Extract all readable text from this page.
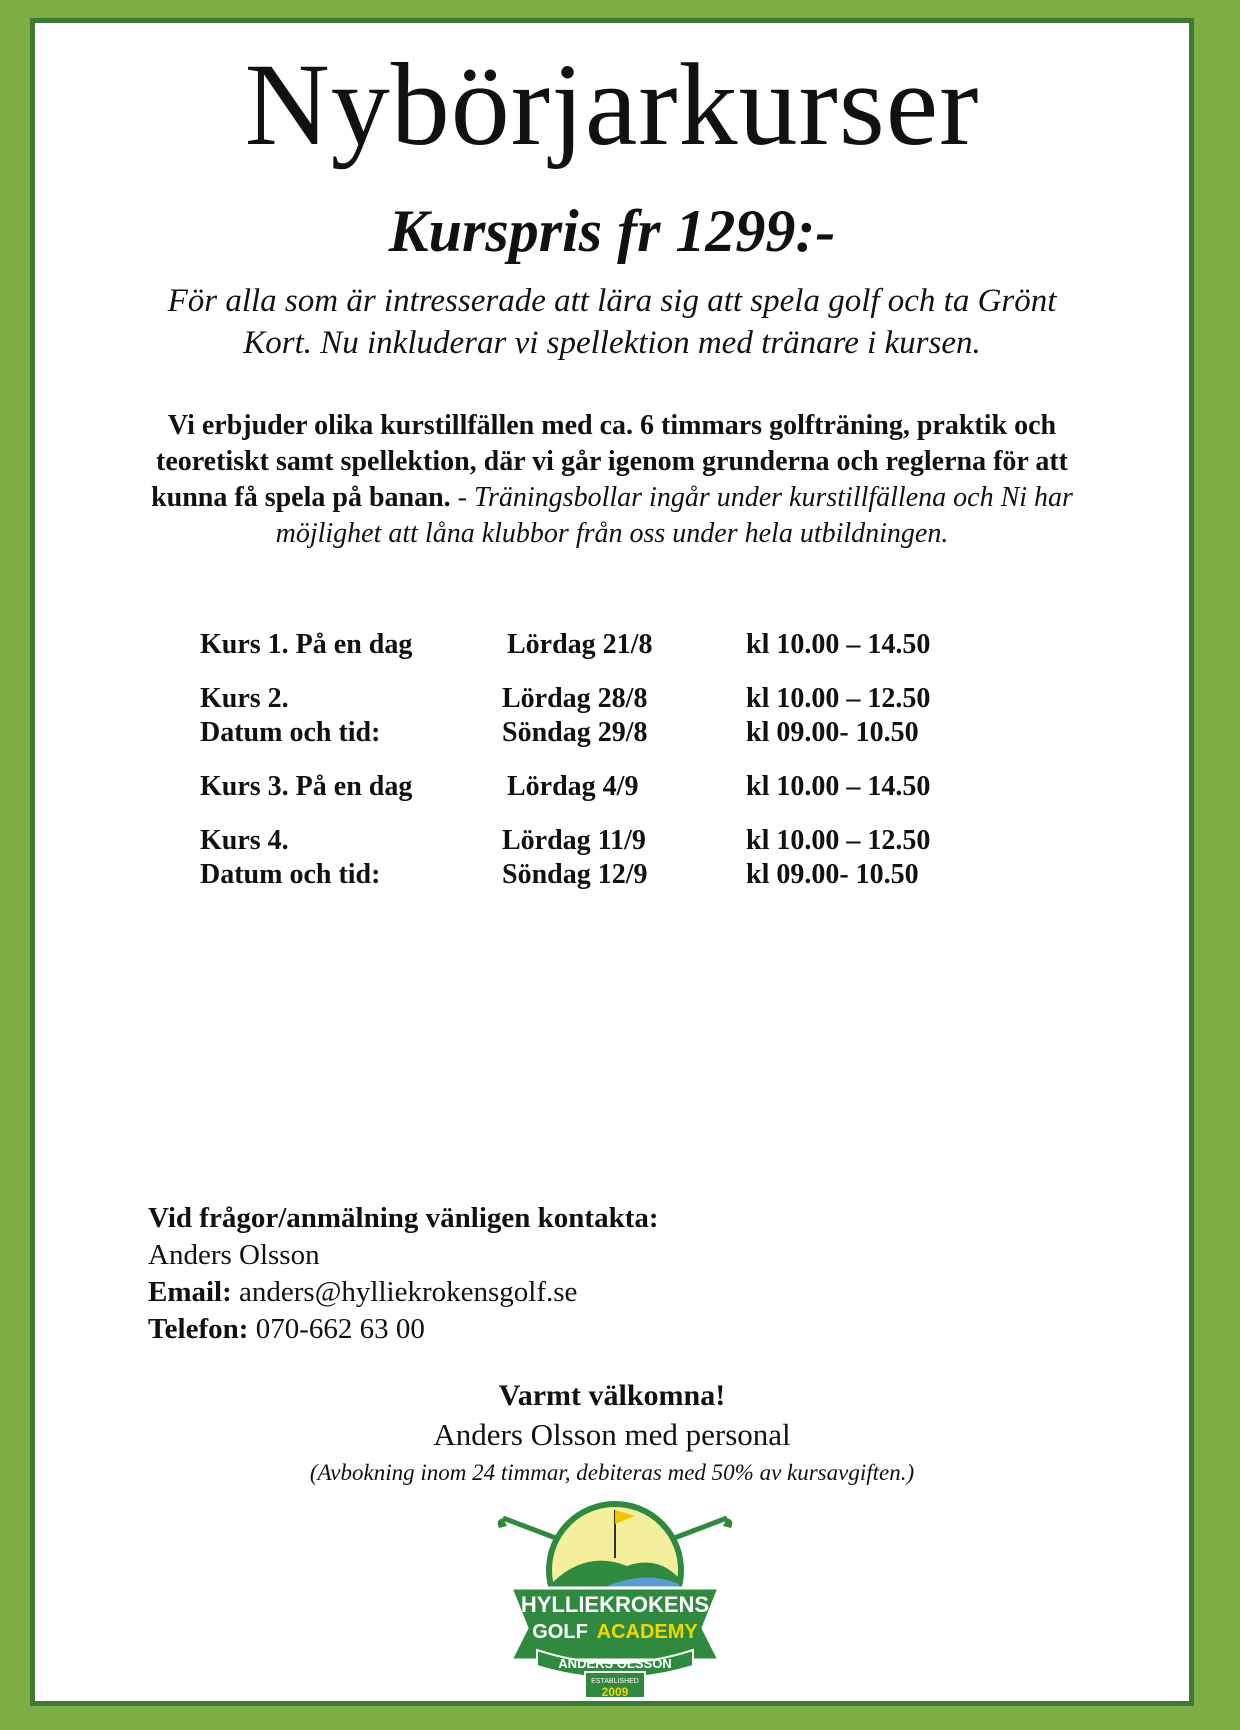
Nybörjarkurser
Kurspris fr 1299:-
För alla som är intresserade att lära sig att spela golf och ta Grönt Kort. Nu inkluderar vi spellektion med tränare i kursen.
Vi erbjuder olika kurstillfällen med ca. 6 timmars golfträning, praktik och teoretiskt samt spellektion, där vi går igenom grunderna och reglerna för att kunna få spela på banan. - Träningsbollar ingår under kurstillfällena och Ni har möjlighet att låna klubbor från oss under hela utbildningen.
Kurs 1. På en dag	Lördag 21/8	kl 10.00 – 14.50
Kurs 2.	Lördag 28/8	kl 10.00 – 12.50
Datum och tid:	Söndag 29/8	kl 09.00- 10.50
Kurs 3. På en dag	Lördag 4/9	kl 10.00 – 14.50
Kurs 4.	Lördag 11/9	kl 10.00 – 12.50
Datum och tid:	Söndag 12/9	kl 09.00- 10.50
Vid frågor/anmälning vänligen kontakta:
Anders Olsson
Email: anders@hylliekrokensgolf.se
Telefon: 070-662 63 00
Varmt välkomna!
Anders Olsson med personal
(Avbokning inom 24 timmar, debiteras med 50% av kursavgiften.)
HYLLIEKROKENS
GOLF ACADEMY
ANDERS OLSSON
ESTABLISHED
2009
